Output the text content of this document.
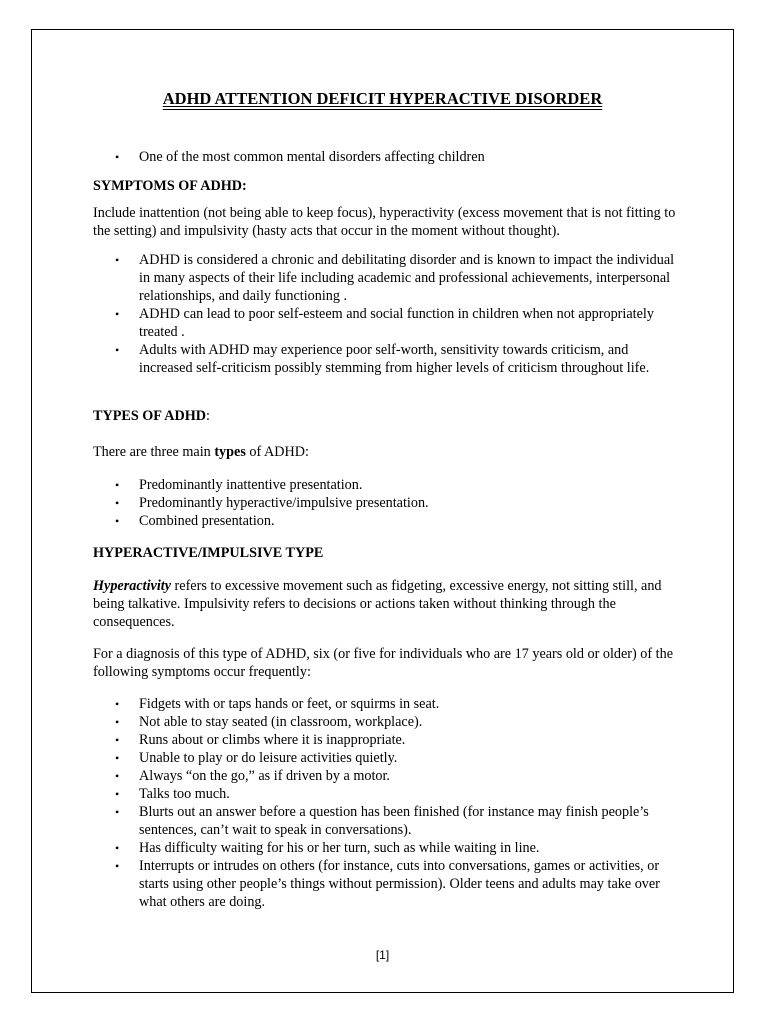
ADHD ATTENTION DEFICIT HYPERACTIVE DISORDER
• One of the most common mental disorders affecting children

SYMPTOMS OF ADHD:

Include inattention (not being able to keep focus), hyperactivity (excess movement that is not fitting to the setting) and impulsivity (hasty acts that occur in the moment without thought).

• ADHD is considered a chronic and debilitating disorder and is known to impact the individual in many aspects of their life including academic and professional achievements, interpersonal relationships, and daily functioning .
• ADHD can lead to poor self-esteem and social function in children when not appropriately treated .
• Adults with ADHD may experience poor self-worth, sensitivity towards criticism, and increased self-criticism possibly stemming from higher levels of criticism throughout life.

TYPES OF ADHD:

There are three main types of ADHD:

• Predominantly inattentive presentation.
• Predominantly hyperactive/impulsive presentation.
• Combined presentation.

HYPERACTIVE/IMPULSIVE TYPE

Hyperactivity refers to excessive movement such as fidgeting, excessive energy, not sitting still, and being talkative. Impulsivity refers to decisions or actions taken without thinking through the consequences.

For a diagnosis of this type of ADHD, six (or five for individuals who are 17 years old or older) of the following symptoms occur frequently:

• Fidgets with or taps hands or feet, or squirms in seat.
• Not able to stay seated (in classroom, workplace).
• Runs about or climbs where it is inappropriate.
• Unable to play or do leisure activities quietly.
• Always “on the go,” as if driven by a motor.
• Talks too much.
• Blurts out an answer before a question has been finished (for instance may finish people’s sentences, can’t wait to speak in conversations).
• Has difficulty waiting for his or her turn, such as while waiting in line.
• Interrupts or intrudes on others (for instance, cuts into conversations, games or activities, or starts using other people’s things without permission). Older teens and adults may take over what others are doing.
[1]
